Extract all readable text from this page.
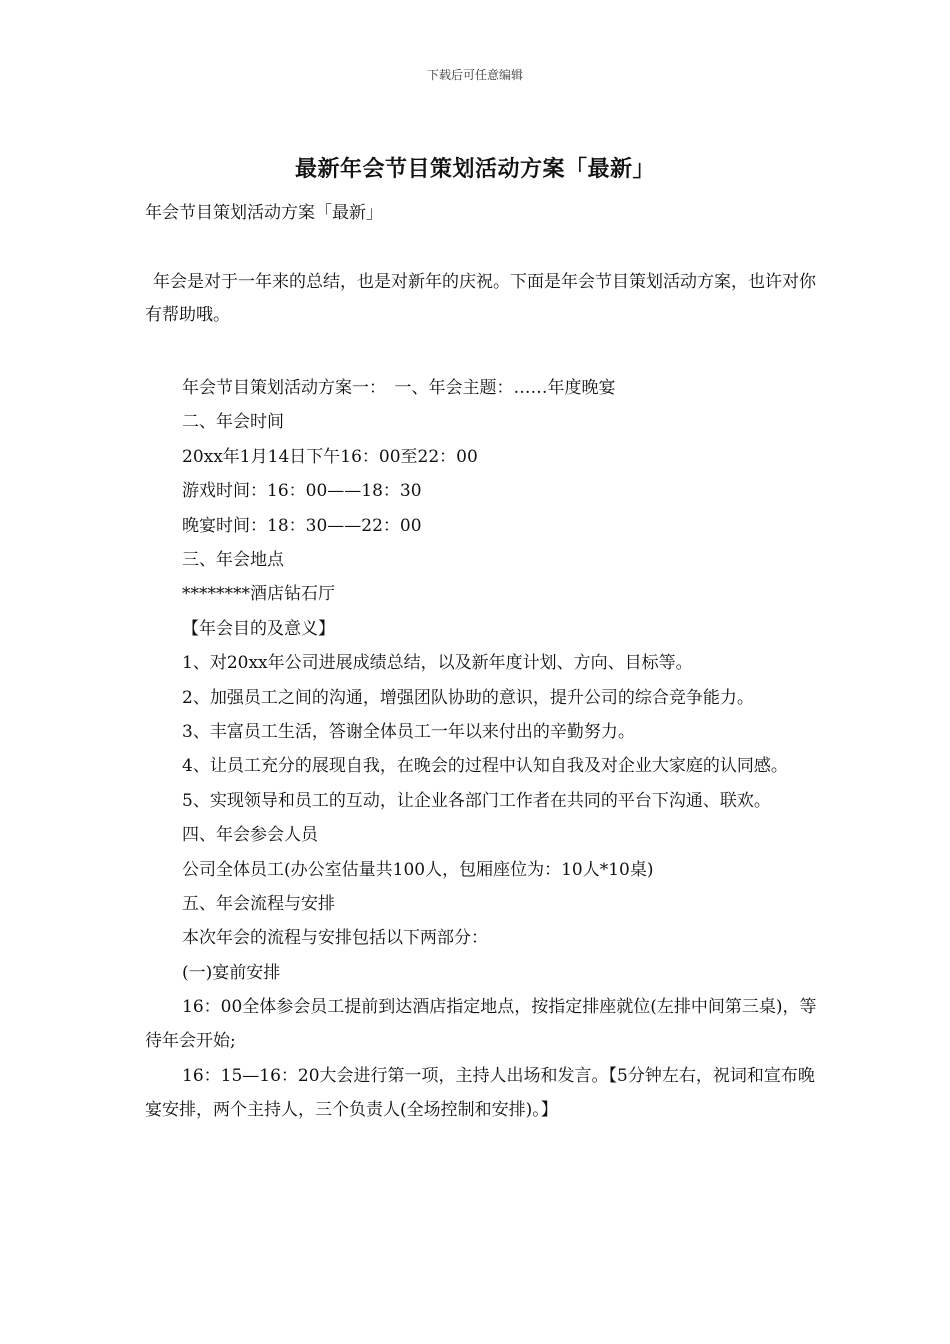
下载后可任意编辑
最新年会节目策划活动方案「最新」
年会节目策划活动方案「最新」
年会是对于一年来的总结，也是对新年的庆祝。下面是年会节目策划活动方案，也许对你有帮助哦。
年会节目策划活动方案一：　一、年会主题：……年度晚宴
二、年会时间
20xx年1月14日下午16：00至22：00
游戏时间：16：00——18：30
晚宴时间：18：30——22：00
三、年会地点
********酒店钻石厅
【年会目的及意义】
1、对20xx年公司进展成绩总结，以及新年度计划、方向、目标等。
2、加强员工之间的沟通，增强团队协助的意识，提升公司的综合竞争能力。
3、丰富员工生活，答谢全体员工一年以来付出的辛勤努力。
4、让员工充分的展现自我，在晚会的过程中认知自我及对企业大家庭的认同感。
5、实现领导和员工的互动，让企业各部门工作者在共同的平台下沟通、联欢。
四、年会参会人员
公司全体员工(办公室估量共100人，包厢座位为：10人*10桌)
五、年会流程与安排
本次年会的流程与安排包括以下两部分：
(一)宴前安排
16：00全体参会员工提前到达酒店指定地点，按指定排座就位(左排中间第三桌)，等待年会开始;
16：15—16：20大会进行第一项，主持人出场和发言。【5分钟左右，祝词和宣布晚宴安排，两个主持人，三个负责人(全场控制和安排)。】
